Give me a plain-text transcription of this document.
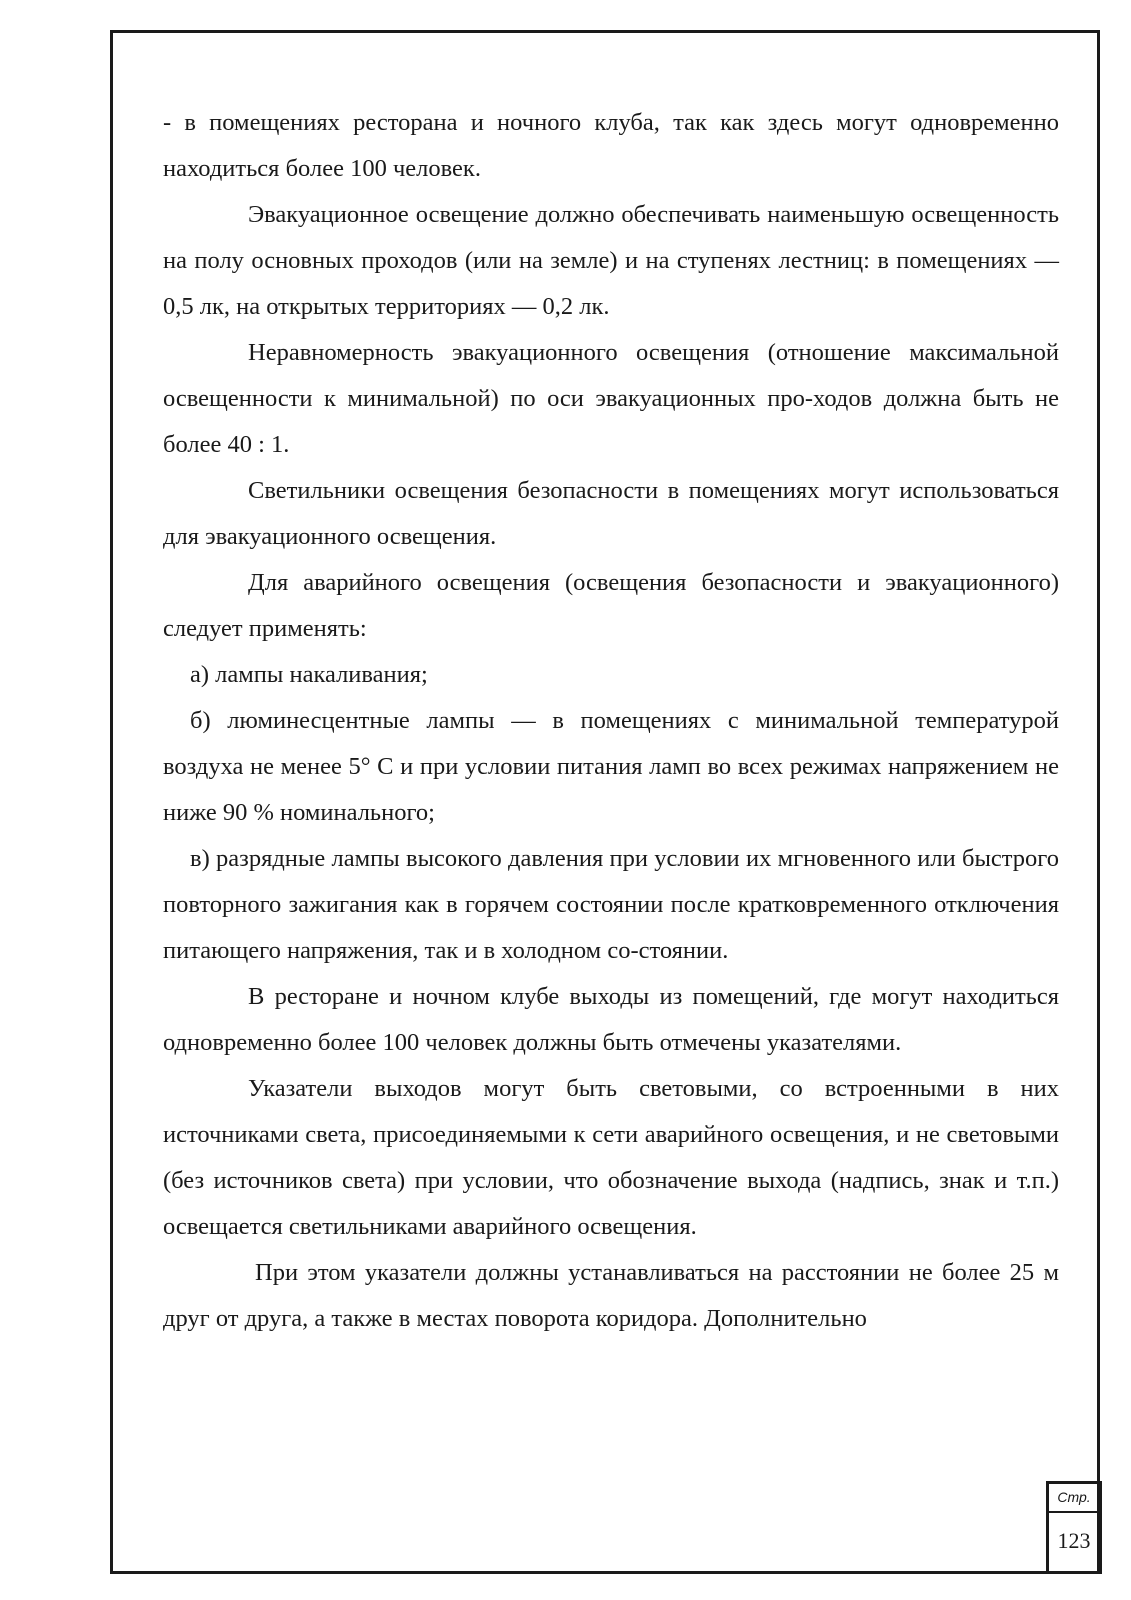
- в помещениях ресторана и ночного клуба, так как здесь могут одновременно находиться более 100 человек.

Эвакуационное освещение должно обеспечивать наименьшую освещенность на полу основных проходов (или на земле) и на ступенях лестниц: в помещениях — 0,5 лк, на открытых территориях — 0,2 лк.

Неравномерность эвакуационного освещения (отношение максимальной освещенности к минимальной) по оси эвакуационных про-ходов должна быть не более 40 : 1.

Светильники освещения безопасности в помещениях могут использоваться для эвакуационного освещения.

Для аварийного освещения (освещения безопасности и эвакуационного) следует применять:

а) лампы накаливания;

б) люминесцентные лампы — в помещениях с минимальной температурой воздуха не менее 5° С и при условии питания ламп во всех режимах напряжением не ниже 90 % номинального;

в) разрядные лампы высокого давления при условии их мгновенного или быстрого повторного зажигания как в горячем состоянии после кратковременного отключения питающего напряжения, так и в холодном со-стоянии.

В ресторане и ночном клубе выходы из помещений, где могут находиться одновременно более 100 человек должны быть отмечены указателями.

Указатели выходов могут быть световыми, со встроенными в них источниками света, присоединяемыми к сети аварийного освещения, и не световыми (без источников света) при условии, что обозначение выхода (надпись, знак и т.п.) освещается светильниками аварийного освещения.

При этом указатели должны устанавливаться на расстоянии не более 25 м друг от друга, а также в местах поворота коридора. Дополнительно

Стр.
123
